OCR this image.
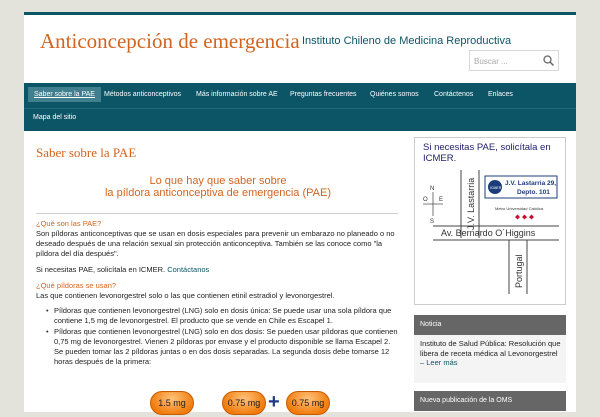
Anticoncepción de emergencia Instituto Chileno de Medicina Reproductiva
Buscar ...
Saber sobre la PAE	Métodos anticonceptivos Más información sobre AE Preguntas frecuentes Quiénes somos Contáctenos Enlaces
Mapa del sitio
Saber sobre la PAE
Lo que hay que saber sobre
la píldora anticonceptiva de emergencia (PAE)
¿Qué son las PAE?
Son píldoras anticonceptivas que se usan en dosis especiales para prevenir un embarazo no planeado o no deseado después de una relación sexual sin protección anticonceptiva. También se las conoce como "la píldora del día después".
Si necesitas PAE, solicítala en ICMER. Contáctanos
¿Qué píldoras se usan?
Las que contienen levonorgestrel solo o las que contienen etinil estradiol y levonorgestrel.
• Píldoras que contienen levonorgestrel (LNG) solo en dosis única: Se puede usar una sola píldora que contiene 1,5 mg de levonorgestrel. El producto que se vende en Chile es Escapel 1.
• Píldoras que contienen levonorgestrel (LNG) solo en dos dosis: Se pueden usar píldoras que contienen 0,75 mg de levonorgestrel. Vienen 2 píldoras por envase y el producto disponible se llama Escapel 2. Se pueden tomar las 2 píldoras juntas o en dos dosis separadas. La segunda dosis debe tomarse 12 horas después de la primera:
1.5 mg	0.75 mg +	0.75 mg
Si necesitas PAE, solicítala en ICMER.
N
O E
S	J.V. Lastarria	ICMER
J.V. Lastarria 29,
Depto. 101
Metro Universidad Católica
Av. Bernardo O´Higgins
Portugal
Noticia
Instituto de Salud Pública: Resolución que libera de receta médica al Levonorgestrel – Leer más
Nueva publicación de la OMS
